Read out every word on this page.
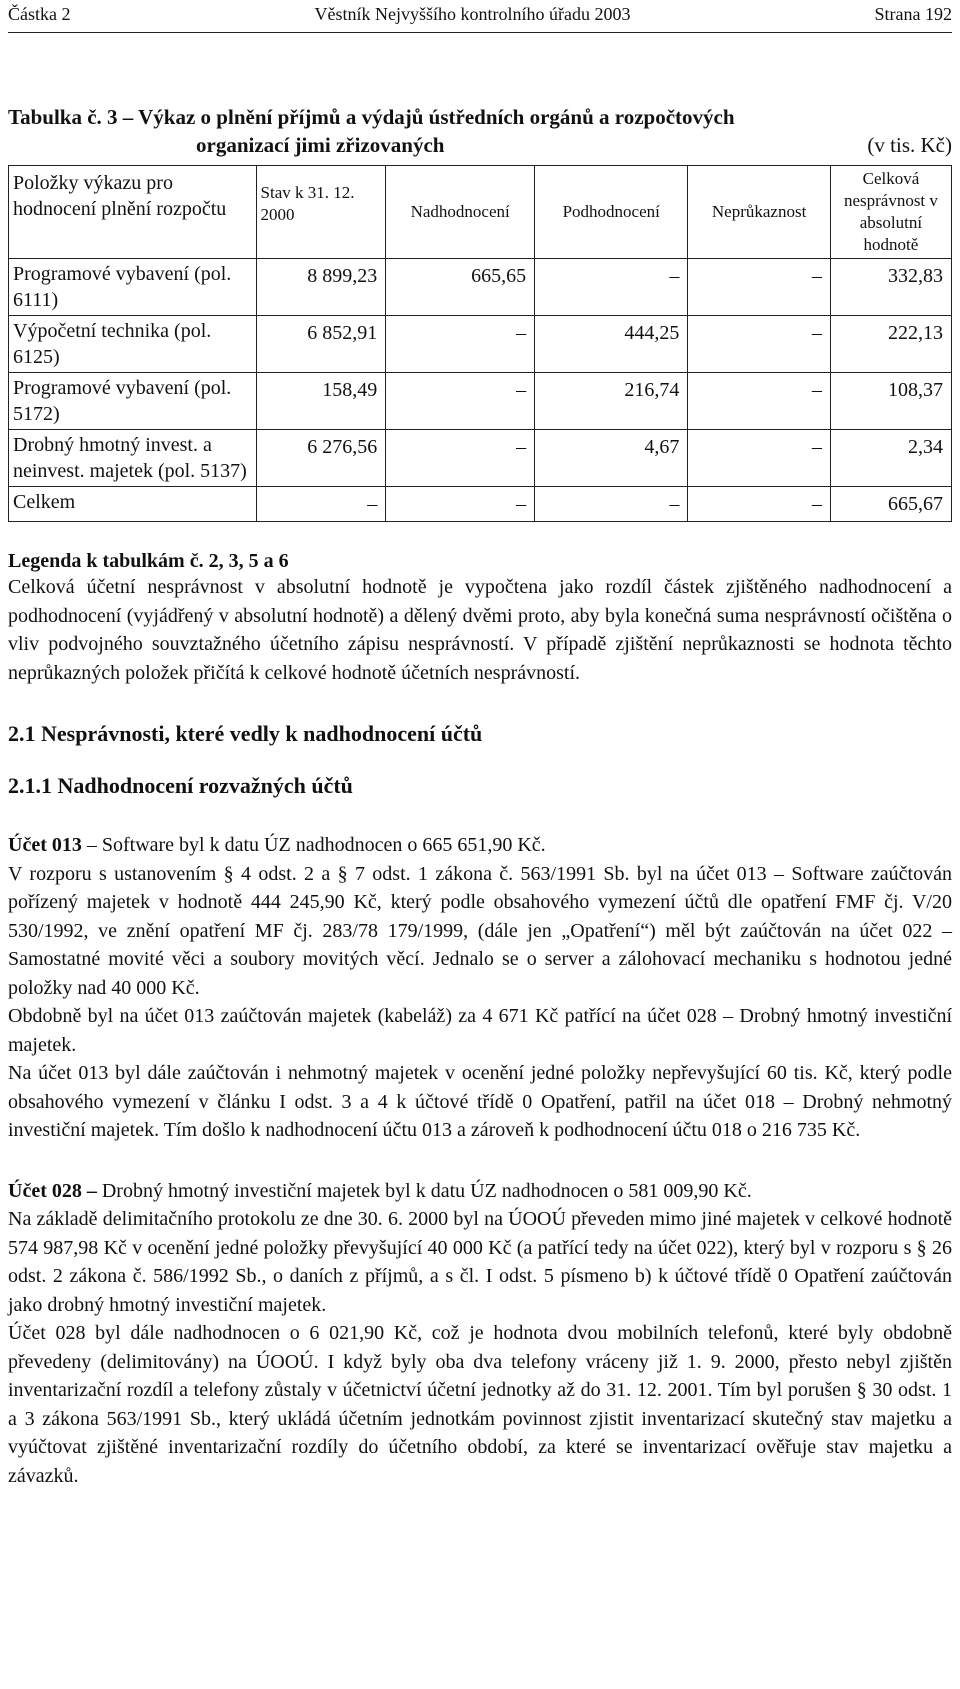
Částka 2	Věstník Nejvyššího kontrolního úřadu 2003	Strana 192
Tabulka č. 3 – Výkaz o plnění příjmů a výdajů ústředních orgánů a rozpočtových
organizací jimi zřizovaných	(v tis. Kč)
Položky výkazu pro hodnocení plnění rozpočtu	Stav k 31. 12. 2000	Nadhodnocení	Podhodnocení	Neprůkaznost	Celková nesprávnost v absolutní hodnotě
Programové vybavení (pol. 6111)	8 899,23	665,65	–	–	332,83
Výpočetní technika (pol. 6125)	6 852,91	–	444,25	–	222,13
Programové vybavení (pol. 5172)	158,49	–	216,74	–	108,37
Drobný hmotný invest. a neinvest. majetek (pol. 5137)	6 276,56	–	4,67	–	2,34
Celkem	–	–	–	–	665,67
Legenda k tabulkám č. 2, 3, 5 a 6

Celková účetní nesprávnost v absolutní hodnotě je vypočtena jako rozdíl částek zjištěného nadhodnocení a podhodnocení (vyjádřený v absolutní hodnotě) a dělený dvěmi proto, aby byla konečná suma nesprávností očištěna o vliv podvojného souvztažného účetního zápisu nesprávností. V případě zjištění neprůkaznosti se hodnota těchto neprůkazných položek přičítá k celkové hodnotě účetních nesprávností.

2.1 Nesprávnosti, které vedly k nadhodnocení účtů
2.1.1 Nadhodnocení rozvažných účtů

Účet 013 – Software byl k datu ÚZ nadhodnocen o 665 651,90 Kč.

V rozporu s ustanovením § 4 odst. 2 a § 7 odst. 1 zákona č. 563/1991 Sb. byl na účet 013 – Software zaúčtován pořízený majetek v hodnotě 444 245,90 Kč, který podle obsahového vymezení účtů dle opatření FMF čj. V/20 530/1992, ve znění opatření MF čj. 283/78 179/1999, (dále jen „Opatření“) měl být zaúčtován na účet 022 – Samostatné movité věci a soubory movitých věcí. Jednalo se o server a zálohovací mechaniku s hodnotou jedné položky nad 40 000 Kč.

Obdobně byl na účet 013 zaúčtován majetek (kabeláž) za 4 671 Kč patřící na účet 028 – Drobný hmotný investiční majetek.

Na účet 013 byl dále zaúčtován i nehmotný majetek v ocenění jedné položky nepřevyšující 60 tis. Kč, který podle obsahového vymezení v článku I odst. 3 a 4 k účtové třídě 0 Opatření, patřil na účet 018 – Drobný nehmotný investiční majetek. Tím došlo k nadhodnocení účtu 013 a zároveň k podhodnocení účtu 018 o 216 735 Kč.

Účet 028 – Drobný hmotný investiční majetek byl k datu ÚZ nadhodnocen o 581 009,90 Kč.

Na základě delimitačního protokolu ze dne 30. 6. 2000 byl na ÚOOÚ převeden mimo jiné majetek v celkové hodnotě 574 987,98 Kč v ocenění jedné položky převyšující 40 000 Kč (a patřící tedy na účet 022), který byl v rozporu s § 26 odst. 2 zákona č. 586/1992 Sb., o daních z příjmů, a s čl. I odst. 5 písmeno b) k účtové třídě 0 Opatření zaúčtován jako drobný hmotný investiční majetek.

Účet 028 byl dále nadhodnocen o 6 021,90 Kč, což je hodnota dvou mobilních telefonů, které byly obdobně převedeny (delimitovány) na ÚOOÚ. I když byly oba dva telefony vráceny již 1. 9. 2000, přesto nebyl zjištěn inventarizační rozdíl a telefony zůstaly v účetnictví účetní jednotky až do 31. 12. 2001. Tím byl porušen § 30 odst. 1 a 3 zákona 563/1991 Sb., který ukládá účetním jednotkám povinnost zjistit inventarizací skutečný stav majetku a vyúčtovat zjištěné inventarizační rozdíly do účetního období, za které se inventarizací ověřuje stav majetku a závazků.
